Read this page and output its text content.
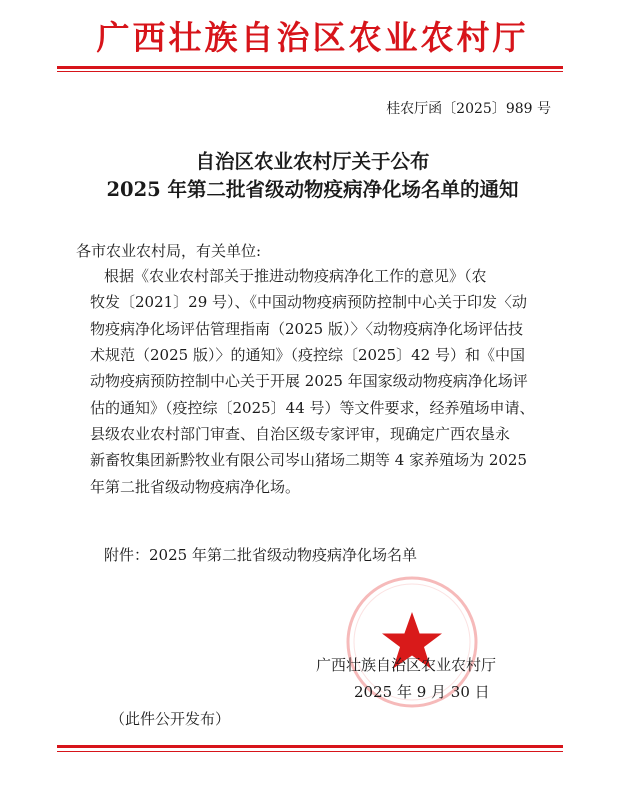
广西壮族自治区农业农村厅
桂农厅函〔2025〕989 号
自治区农业农村厅关于公布
2025 年第二批省级动物疫病净化场名单的通知
各市农业农村局，有关单位:
根据《农业农村部关于推进动物疫病净化工作的意见》（农
牧发〔2021〕29 号）、《中国动物疫病预防控制中心关于印发〈动
物疫病净化场评估管理指南（2025 版）〉〈动物疫病净化场评估技
术规范（2025 版）〉的通知》（疫控综〔2025〕42 号）和《中国
动物疫病预防控制中心关于开展 2025 年国家级动物疫病净化场评
估的通知》（疫控综〔2025〕44 号）等文件要求，经养殖场申请、
县级农业农村部门审查、自治区级专家评审，现确定广西农垦永
新畜牧集团新黔牧业有限公司岑山猪场二期等 4 家养殖场为 2025
年第二批省级动物疫病净化场。
附件：2025 年第二批省级动物疫病净化场名单
广西壮族自治区农业农村厅
2025 年 9 月 30 日
（此件公开发布）
